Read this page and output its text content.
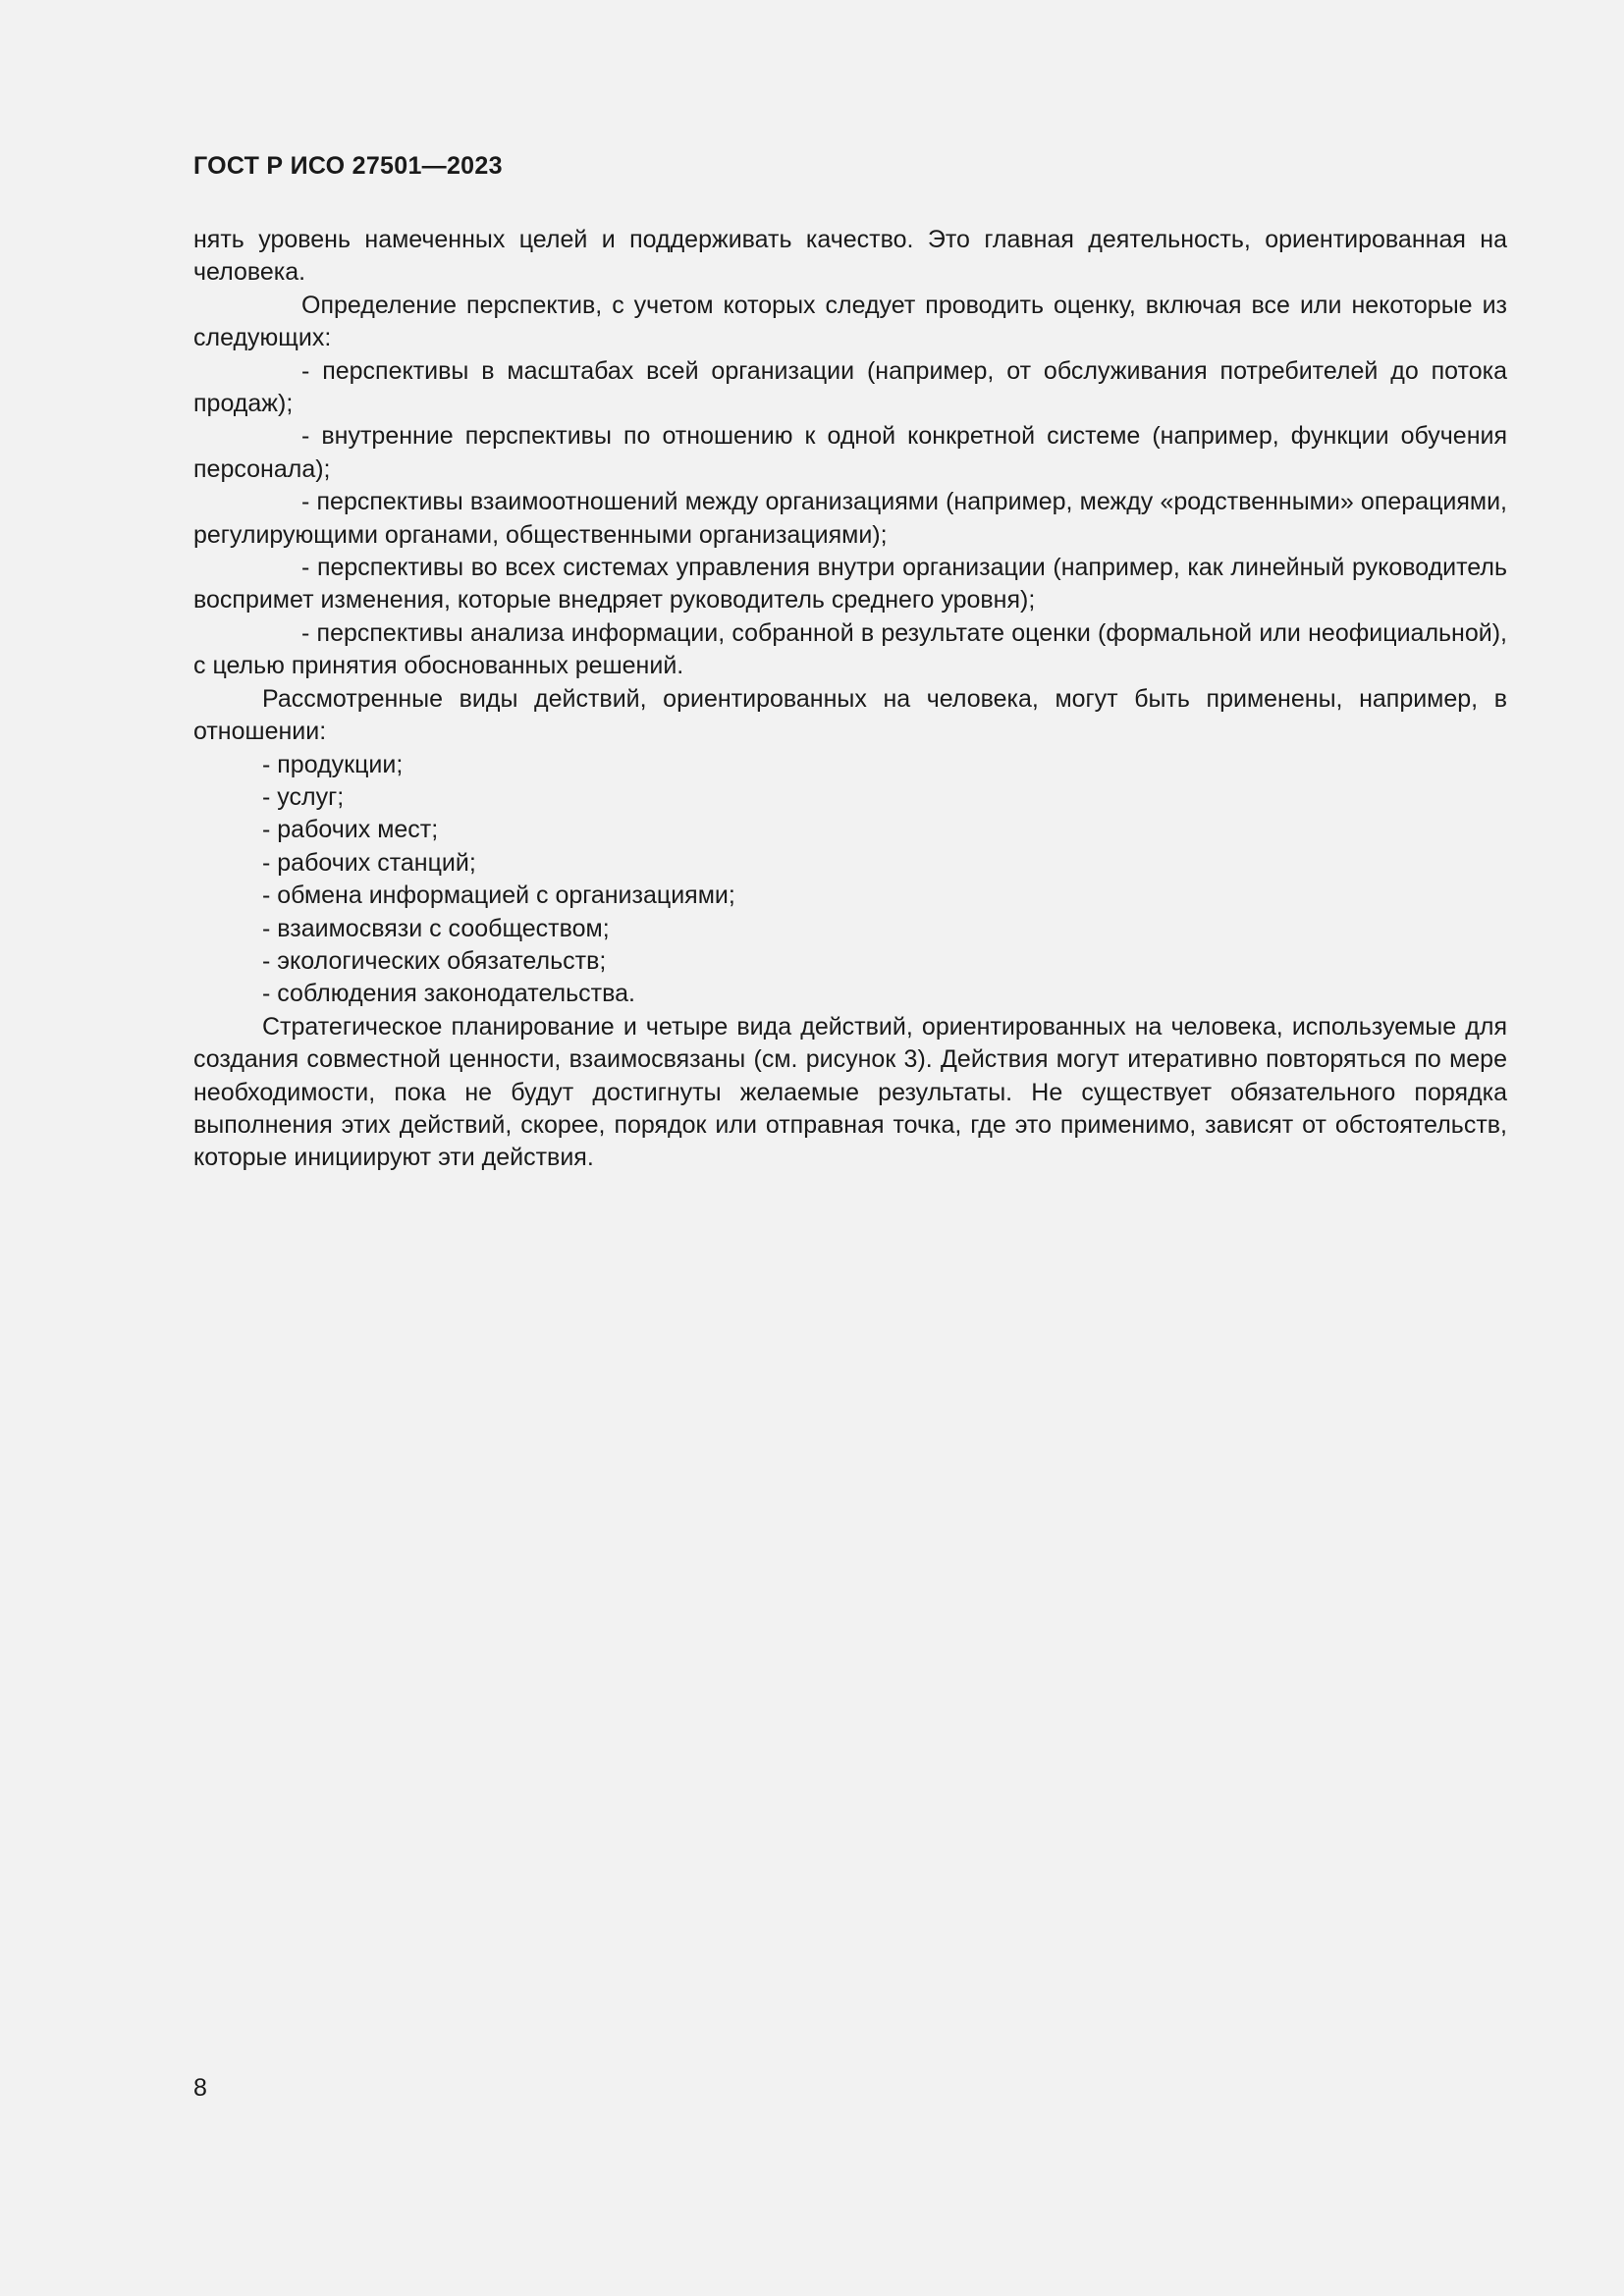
ГОСТ Р ИСО 27501—2023

нять уровень намеченных целей и поддерживать качество. Это главная деятельность, ориентированная на человека.

Определение перспектив, с учетом которых следует проводить оценку, включая все или некоторые из следующих:

- перспективы в масштабах всей организации (например, от обслуживания потребителей до потока продаж);

- внутренние перспективы по отношению к одной конкретной системе (например, функции обучения персонала);

- перспективы взаимоотношений между организациями (например, между «родственными» операциями, регулирующими органами, общественными организациями);

- перспективы во всех системах управления внутри организации (например, как линейный руководитель воспримет изменения, которые внедряет руководитель среднего уровня);

- перспективы анализа информации, собранной в результате оценки (формальной или неофициальной), с целью принятия обоснованных решений.

Рассмотренные виды действий, ориентированных на человека, могут быть применены, например, в отношении:

- продукции;

- услуг;

- рабочих мест;

- рабочих станций;

- обмена информацией с организациями;

- взаимосвязи с сообществом;

- экологических обязательств;

- соблюдения законодательства.

Стратегическое планирование и четыре вида действий, ориентированных на человека, используемые для создания совместной ценности, взаимосвязаны (см. рисунок 3). Действия могут итеративно повторяться по мере необходимости, пока не будут достигнуты желаемые результаты. Не существует обязательного порядка выполнения этих действий, скорее, порядок или отправная точка, где это применимо, зависят от обстоятельств, которые инициируют эти действия.

8
